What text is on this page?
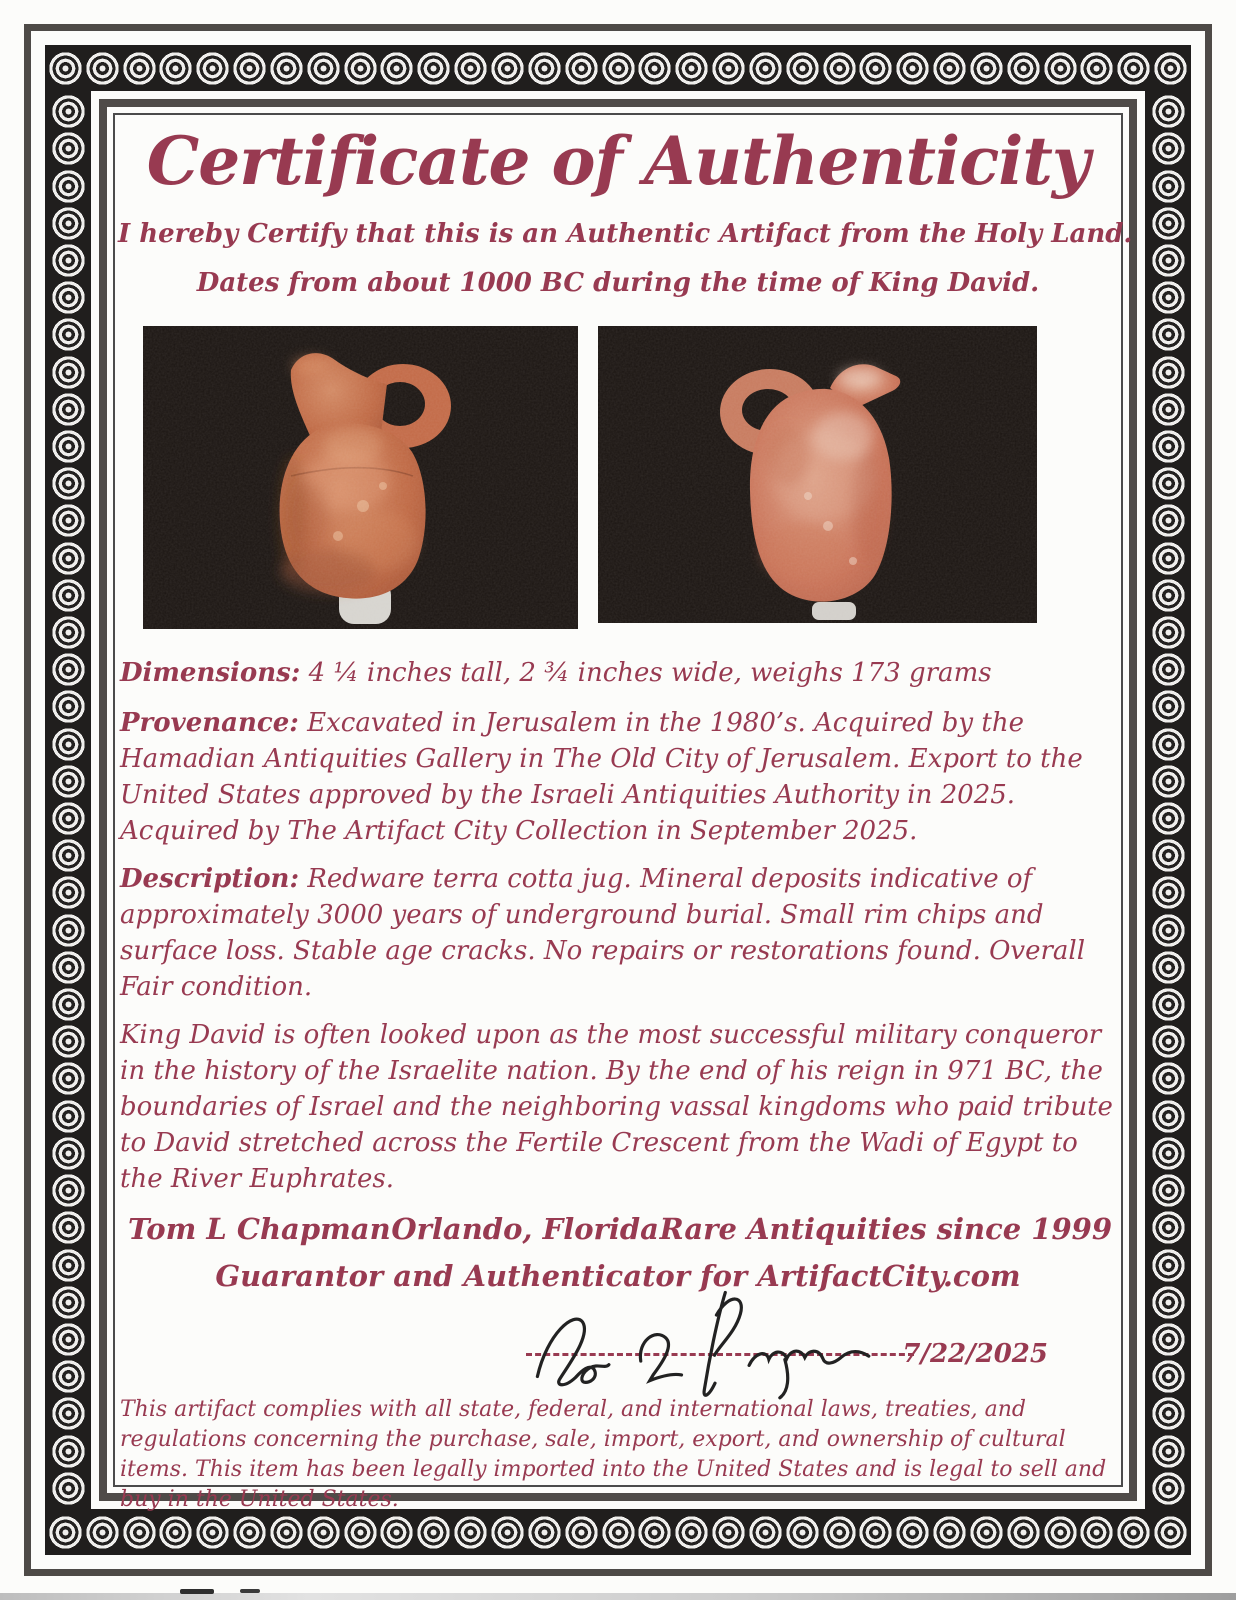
Certificate of Authenticity
I hereby Certify that this is an Authentic Artifact from the Holy Land.
Dates from about 1000 BC during the time of King David.
Dimensions: 4 ¼ inches tall, 2 ¾ inches wide, weighs 173 grams
Provenance: Excavated in Jerusalem in the 1980’s. Acquired by the Hamadian Antiquities Gallery in The Old City of Jerusalem. Export to the United States approved by the Israeli Antiquities Authority in 2025. Acquired by The Artifact City Collection in September 2025.
Description: Redware terra cotta jug. Mineral deposits indicative of approximately 3000 years of underground burial. Small rim chips and surface loss. Stable age cracks. No repairs or restorations found. Overall Fair condition.
King David is often looked upon as the most successful military conqueror in the history of the Israelite nation. By the end of his reign in 971 BC, the boundaries of Israel and the neighboring vassal kingdoms who paid tribute to David stretched across the Fertile Crescent from the Wadi of Egypt to the River Euphrates.
Tom L Chapman Orlando, Florida Rare Antiquities since 1999
Guarantor and Authenticator for ArtifactCity.com
7/22/2025
This artifact complies with all state, federal, and international laws, treaties, and regulations concerning the purchase, sale, import, export, and ownership of cultural items. This item has been legally imported into the United States and is legal to sell and buy in the United States.
